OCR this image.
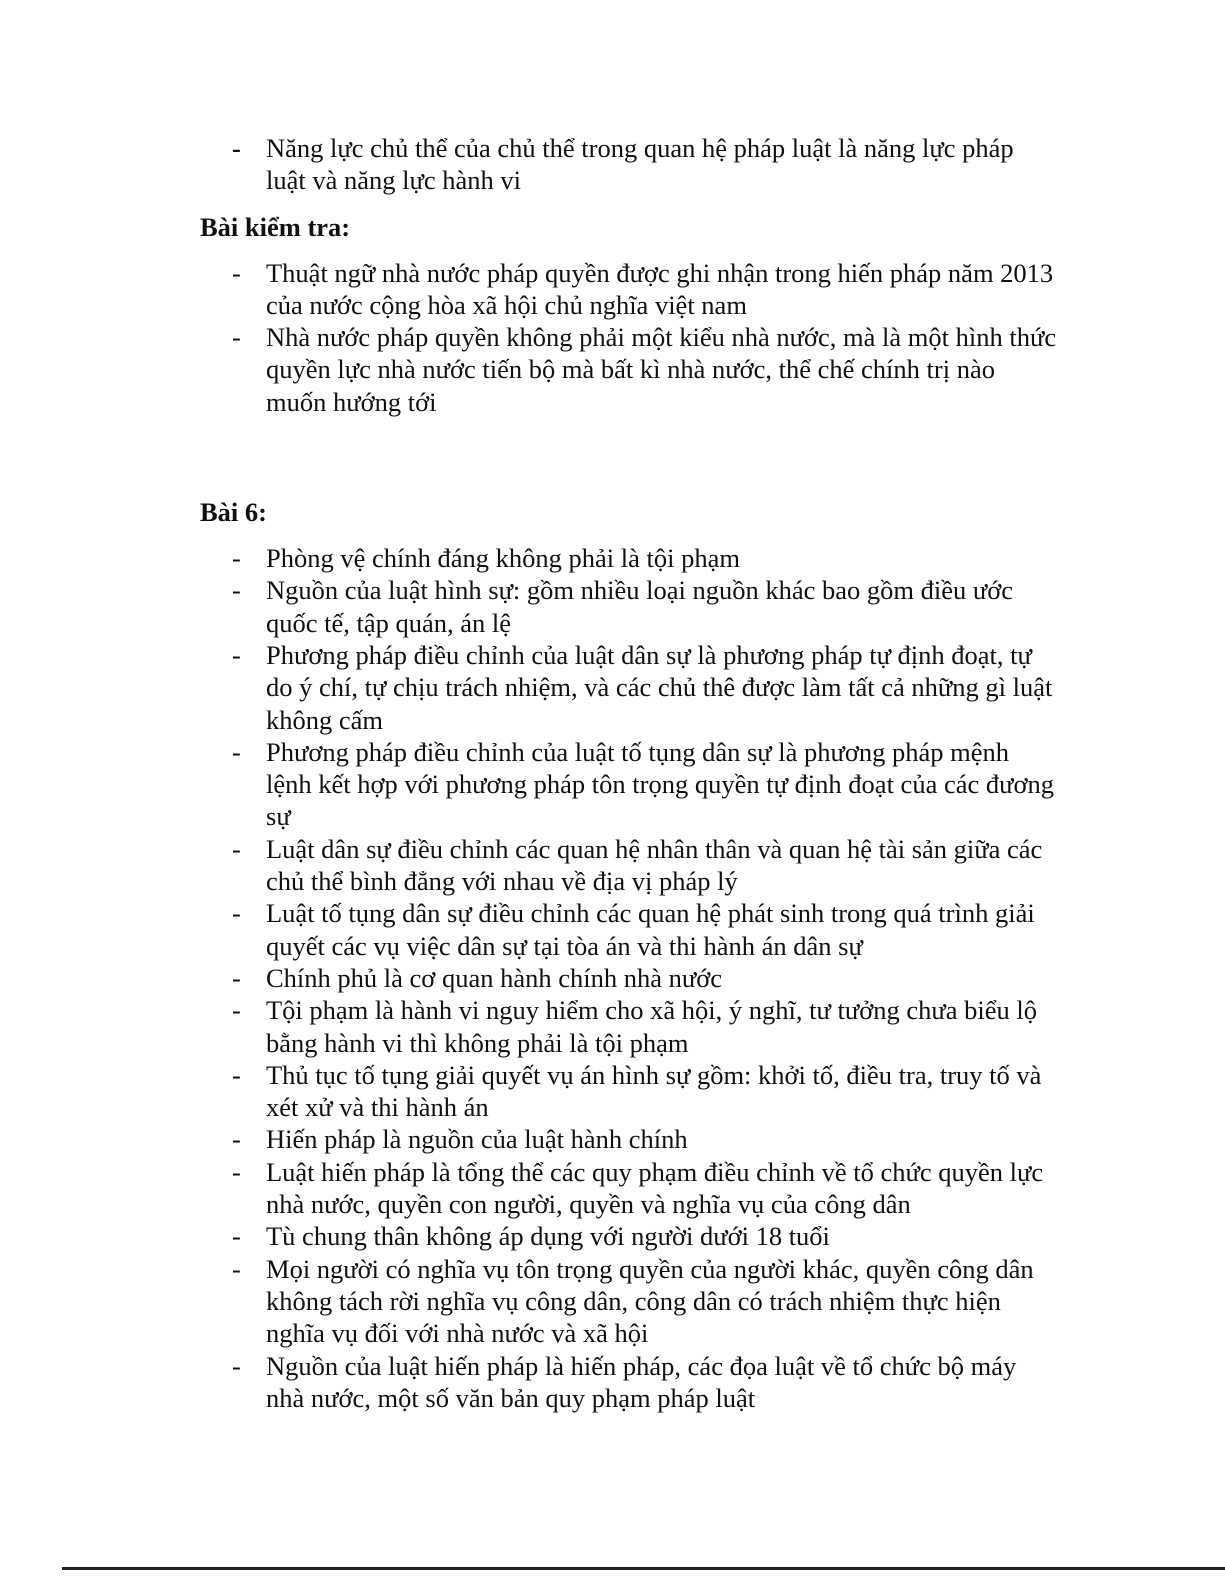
- Năng lực chủ thể của chủ thể trong quan hệ pháp luật là năng lực pháp luật và năng lực hành vi
Bài kiểm tra:
- Thuật ngữ nhà nước pháp quyền được ghi nhận trong hiến pháp năm 2013 của nước cộng hòa xã hội chủ nghĩa việt nam
- Nhà nước pháp quyền không phải một kiểu nhà nước, mà là một hình thức quyền lực nhà nước tiến bộ mà bất kì nhà nước, thể chế chính trị nào muốn hướng tới
Bài 6:
- Phòng vệ chính đáng không phải là tội phạm
- Nguồn của luật hình sự: gồm nhiều loại nguồn khác bao gồm điều ước quốc tế, tập quán, án lệ
- Phương pháp điều chỉnh của luật dân sự là phương pháp tự định đoạt, tự do ý chí, tự chịu trách nhiệm, và các chủ thê được làm tất cả những gì luật không cấm
- Phương pháp điều chỉnh của luật tố tụng dân sự là phương pháp mệnh lệnh kết hợp với phương pháp tôn trọng quyền tự định đoạt của các đương sự
- Luật dân sự điều chỉnh các quan hệ nhân thân và quan hệ tài sản giữa các chủ thể bình đẳng với nhau về địa vị pháp lý
- Luật tố tụng dân sự điều chỉnh các quan hệ phát sinh trong quá trình giải quyết các vụ việc dân sự tại tòa án và thi hành án dân sự
- Chính phủ là cơ quan hành chính nhà nước
- Tội phạm là hành vi nguy hiểm cho xã hội, ý nghĩ, tư tưởng chưa biểu lộ bằng hành vi thì không phải là tội phạm
- Thủ tục tố tụng giải quyết vụ án hình sự gồm: khởi tố, điều tra, truy tố và xét xử và thi hành án
- Hiến pháp là nguồn của luật hành chính
- Luật hiến pháp là tổng thể các quy phạm điều chỉnh về tổ chức quyền lực nhà nước, quyền con người, quyền và nghĩa vụ của công dân
- Tù chung thân không áp dụng với người dưới 18 tuổi
- Mọi người có nghĩa vụ tôn trọng quyền của người khác, quyền công dân không tách rời nghĩa vụ công dân, công dân có trách nhiệm thực hiện nghĩa vụ đối với nhà nước và xã hội
- Nguồn của luật hiến pháp là hiến pháp, các đọa luật về tổ chức bộ máy nhà nước, một số văn bản quy phạm pháp luật
